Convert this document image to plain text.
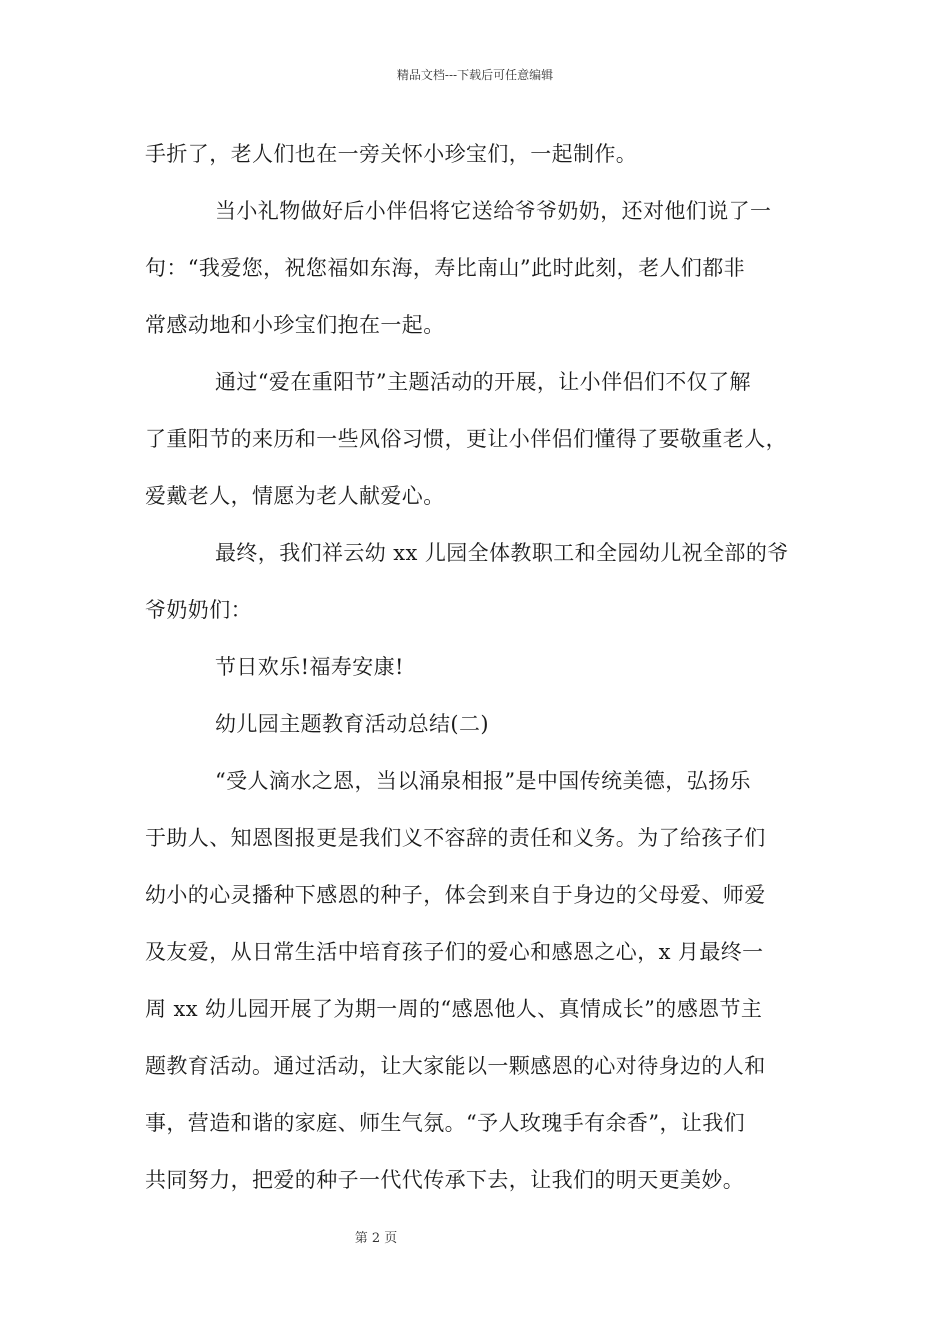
精品文档---下载后可任意编辑
手折了，老人们也在一旁关怀小珍宝们，一起制作。
当小礼物做好后小伴侣将它送给爷爷奶奶，还对他们说了一
句：“我爱您，祝您福如东海，寿比南山”此时此刻，老人们都非
常感动地和小珍宝们抱在一起。
通过“爱在重阳节”主题活动的开展，让小伴侣们不仅了解
了重阳节的来历和一些风俗习惯，更让小伴侣们懂得了要敬重老人，
爱戴老人，情愿为老人献爱心。
最终，我们祥云幼 xx 儿园全体教职工和全园幼儿祝全部的爷
爷奶奶们：
节日欢乐!福寿安康!
幼儿园主题教育活动总结(二)
“受人滴水之恩，当以涌泉相报”是中国传统美德，弘扬乐
于助人、知恩图报更是我们义不容辞的责任和义务。为了给孩子们
幼小的心灵播种下感恩的种子，体会到来自于身边的父母爱、师爱
及友爱，从日常生活中培育孩子们的爱心和感恩之心，x 月最终一
周 xx 幼儿园开展了为期一周的“感恩他人、真情成长”的感恩节主
题教育活动。通过活动，让大家能以一颗感恩的心对待身边的人和
事，营造和谐的家庭、师生气氛。“予人玫瑰手有余香”，让我们
共同努力，把爱的种子一代代传承下去，让我们的明天更美妙。
第 2 页
